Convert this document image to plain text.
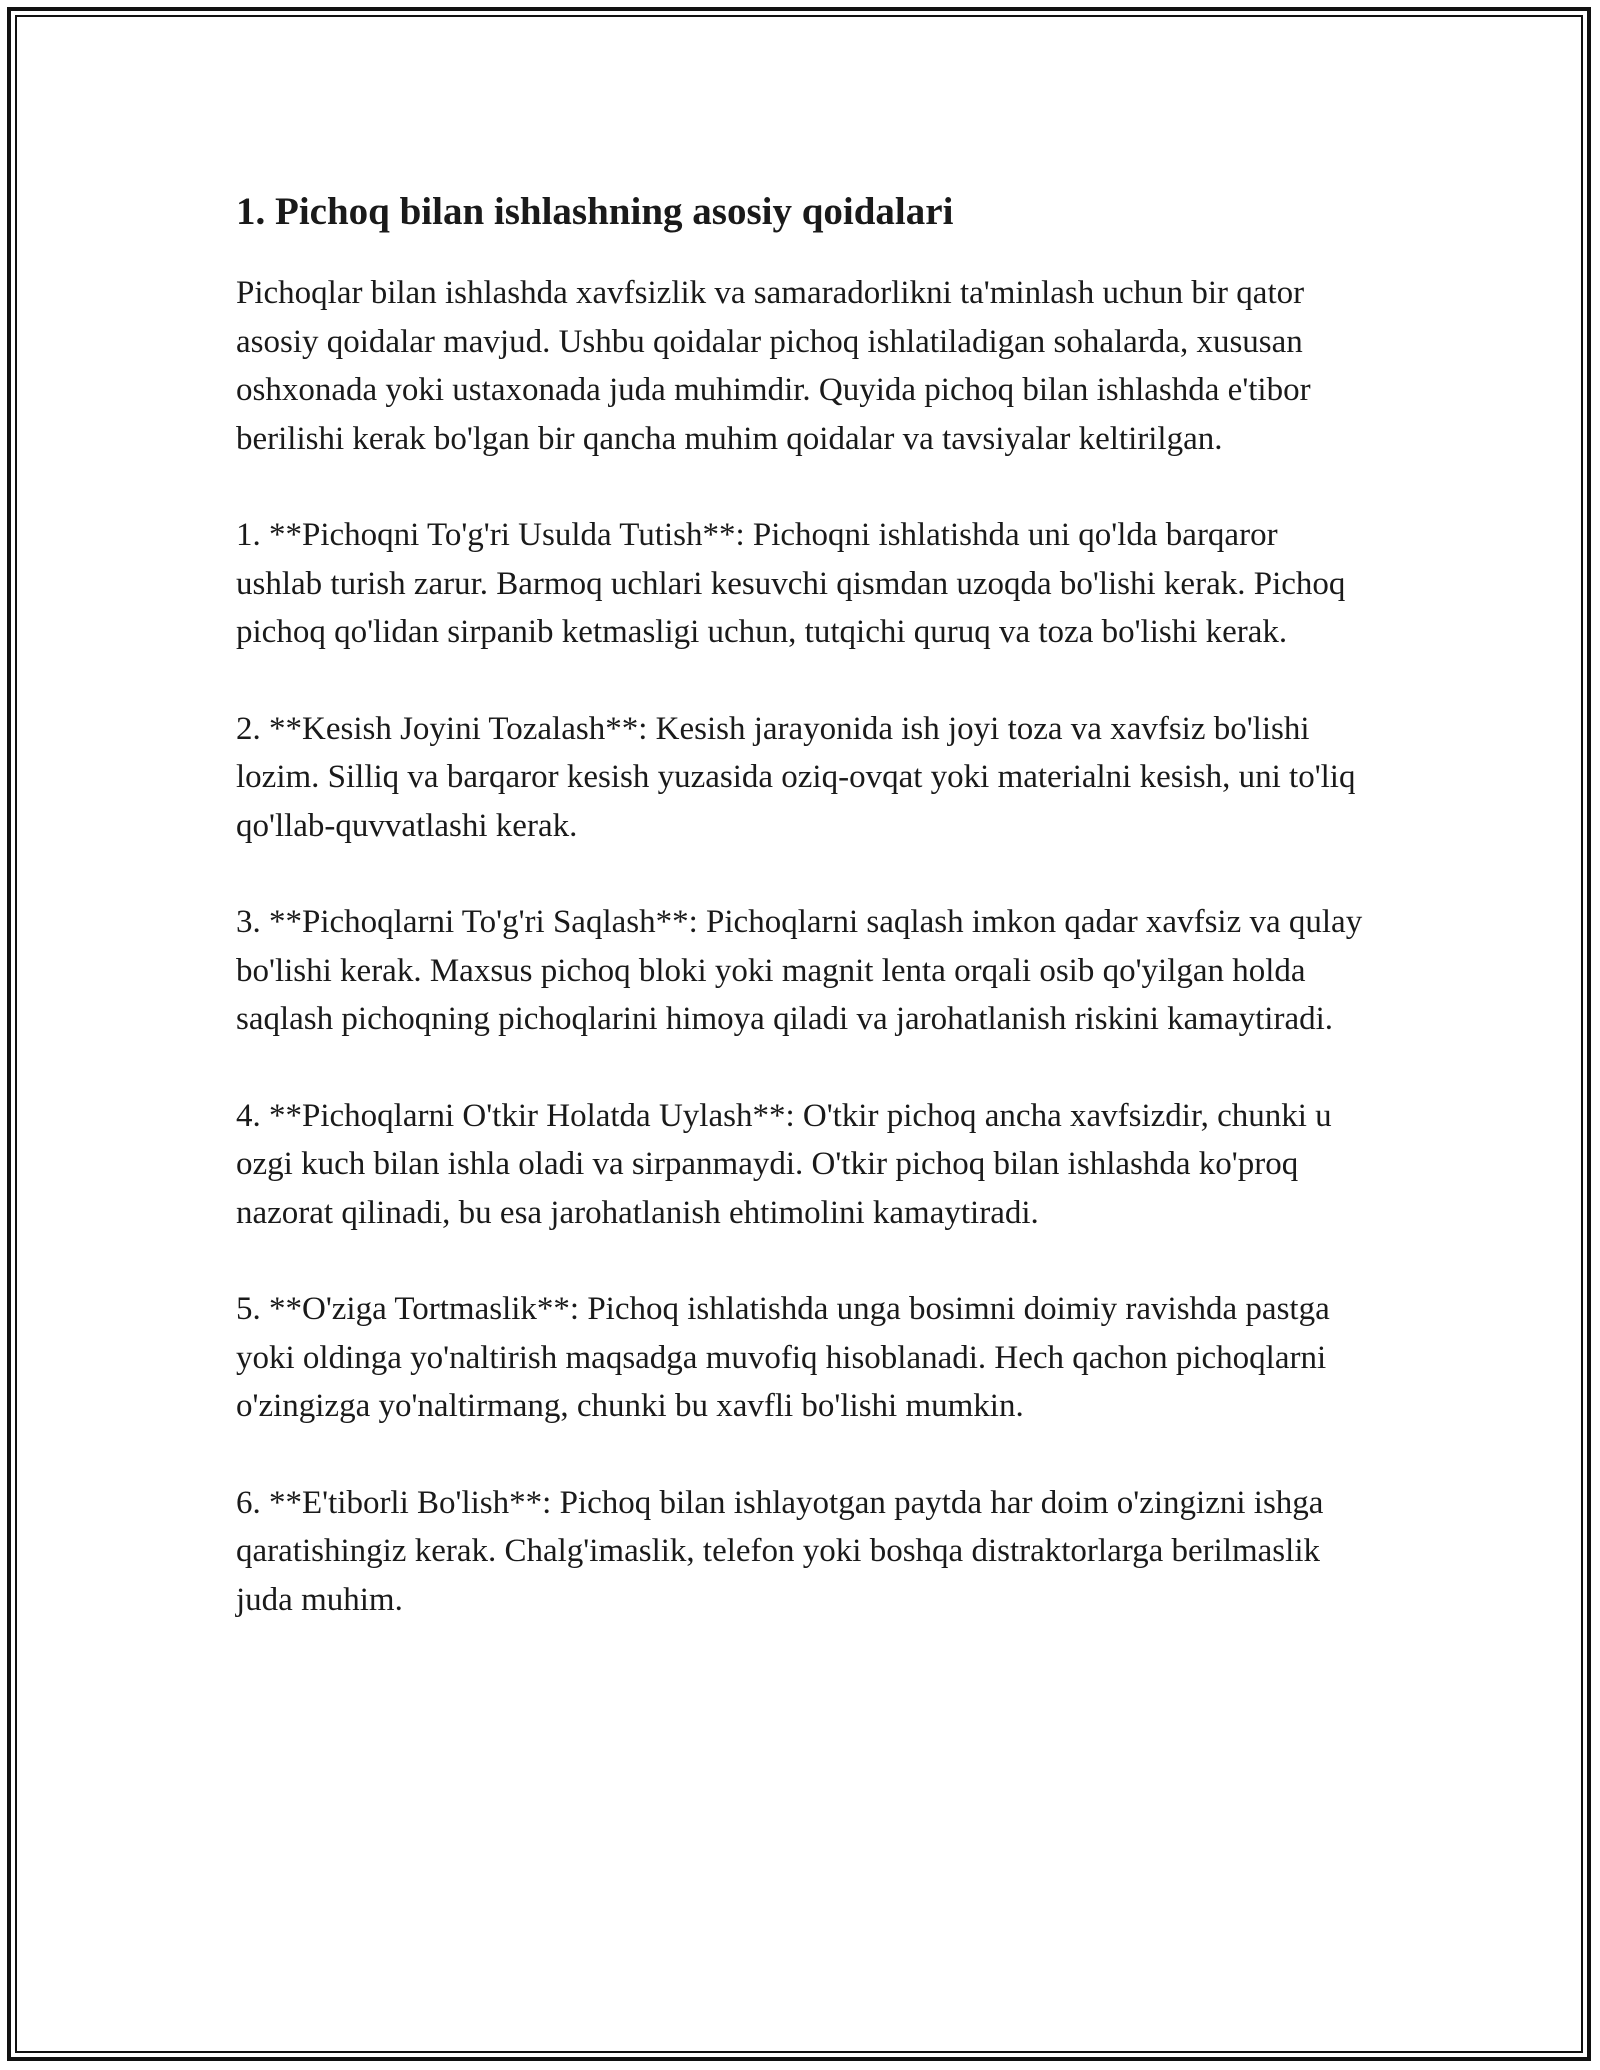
1. Pichoq bilan ishlashning asosiy qoidalari

Pichoqlar bilan ishlashda xavfsizlik va samaradorlikni ta'minlash uchun bir qator asosiy qoidalar mavjud. Ushbu qoidalar pichoq ishlatiladigan sohalarda, xususan oshxonada yoki ustaxonada juda muhimdir. Quyida pichoq bilan ishlashda e'tibor berilishi kerak bo'lgan bir qancha muhim qoidalar va tavsiyalar keltirilgan.

1. **Pichoqni To'g'ri Usulda Tutish**: Pichoqni ishlatishda uni qo'lda barqaror ushlab turish zarur. Barmoq uchlari kesuvchi qismdan uzoqda bo'lishi kerak. Pichoq pichoq qo'lidan sirpanib ketmasligi uchun, tutqichi quruq va toza bo'lishi kerak.

2. **Kesish Joyini Tozalash**: Kesish jarayonida ish joyi toza va xavfsiz bo'lishi lozim. Silliq va barqaror kesish yuzasida oziq-ovqat yoki materialni kesish, uni to'liq qo'llab-quvvatlashi kerak.

3. **Pichoqlarni To'g'ri Saqlash**: Pichoqlarni saqlash imkon qadar xavfsiz va qulay bo'lishi kerak. Maxsus pichoq bloki yoki magnit lenta orqali osib qo'yilgan holda saqlash pichoqning pichoqlarini himoya qiladi va jarohatlanish riskini kamaytiradi.

4. **Pichoqlarni O'tkir Holatda Uylash**: O'tkir pichoq ancha xavfsizdir, chunki u ozgi kuch bilan ishla oladi va sirpanmaydi. O'tkir pichoq bilan ishlashda ko'proq nazorat qilinadi, bu esa jarohatlanish ehtimolini kamaytiradi.

5. **O'ziga Tortmaslik**: Pichoq ishlatishda unga bosimni doimiy ravishda pastga yoki oldinga yo'naltirish maqsadga muvofiq hisoblanadi. Hech qachon pichoqlarni o'zingizga yo'naltirmang, chunki bu xavfli bo'lishi mumkin.

6. **E'tiborli Bo'lish**: Pichoq bilan ishlayotgan paytda har doim o'zingizni ishga qaratishingiz kerak. Chalg'imaslik, telefon yoki boshqa distraktorlarga berilmaslik juda muhim.
